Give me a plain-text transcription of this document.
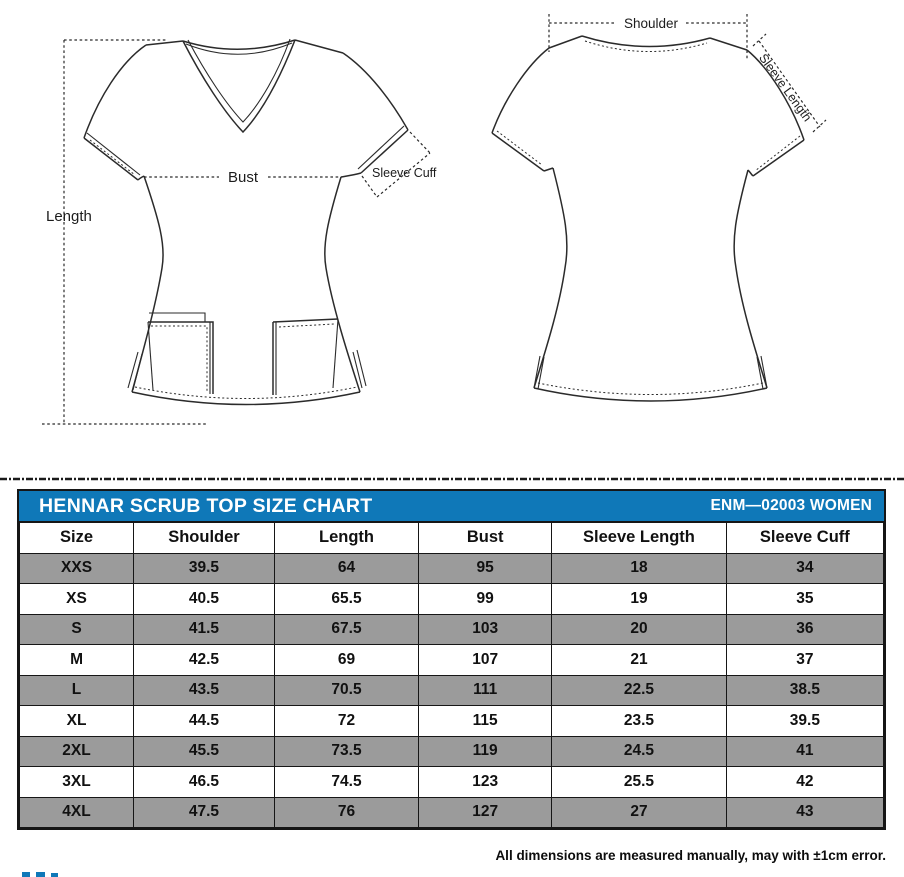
Length
Bust	Sleeve Cuff
Shoulder
Sleeve Length
HENNAR SCRUB TOP SIZE CHART	ENM—02003 WOMEN
Size	Shoulder	Length	Bust	Sleeve Length	Sleeve Cuff
XXS	39.5	64	95	18	34
XS	40.5	65.5	99	19	35
S	41.5	67.5	103	20	36
M	42.5	69	107	21	37
L	43.5	70.5	111	22.5	38.5
XL	44.5	72	115	23.5	39.5
2XL	45.5	73.5	119	24.5	41
3XL	46.5	74.5	123	25.5	42
4XL	47.5	76	127	27	43
All dimensions are measured manually, may with ±1cm error.
